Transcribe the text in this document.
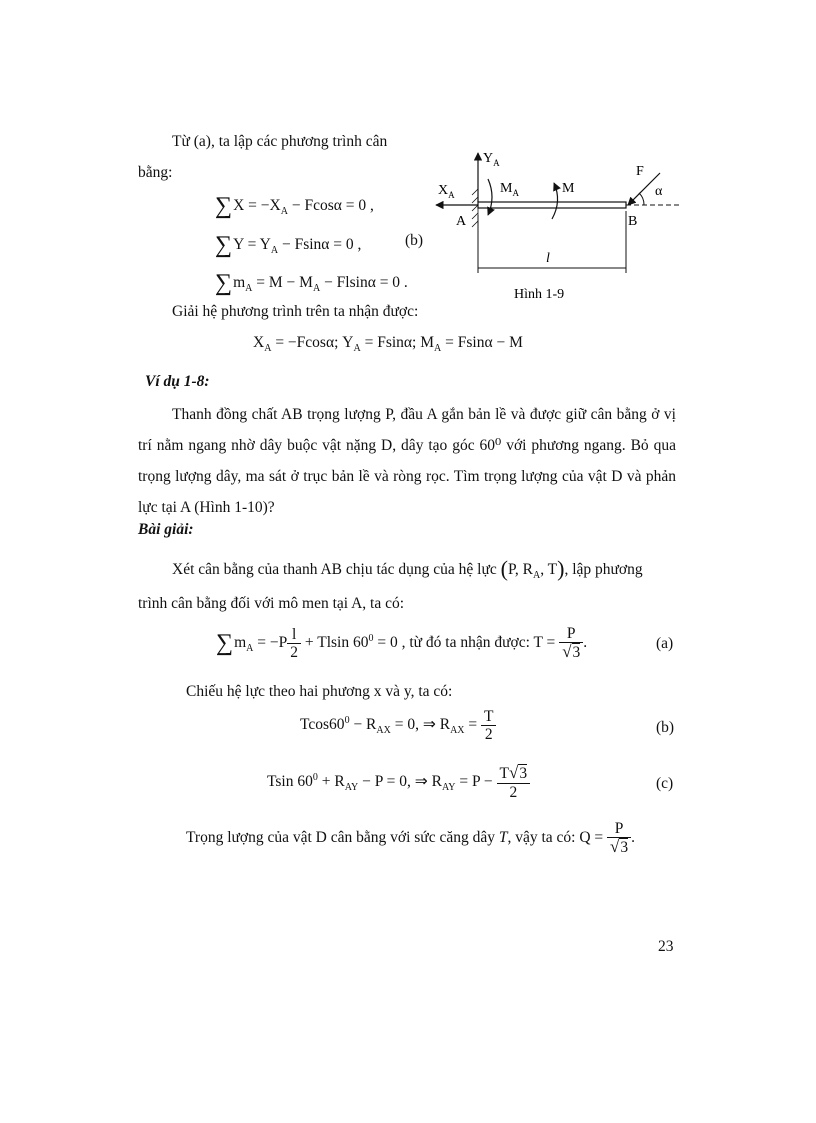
Từ (a), ta lập các phương trình cân
bằng:
$\sum X = -X_A - Fcos\alpha = 0$ ,
$\sum Y = Y_A - Fsin\alpha = 0$ ,	(b)
$\sum m_A = M - M_A - Flsin\alpha = 0$ .
$Y_A$
$X_A$	$M_A$	M
F
α
A	B
l
Hình 1-9
Giải hệ phương trình trên ta nhận được:
$X_A = -Fcos\alpha$; $Y_A = Fsin\alpha$; $M_A = Fsin\alpha - M$
Ví dụ 1-8:
Thanh đồng chất AB trọng lượng P, đầu A gắn bản lề và được giữ cân bằng ở vị trí nằm ngang nhờ dây buộc vật nặng D, dây tạo góc 60⁰ với phương ngang. Bỏ qua trọng lượng dây, ma sát ở trục bản lề và ròng rọc. Tìm trọng lượng của vật D và phản lực tại A (Hình 1-10)?
Bài giải:
Xét cân bằng của thanh AB chịu tác dụng của hệ lực (P, $R_A$, T), lập phương
trình cân bằng đối với mô men tại A, ta có:
$\sum m_A = -P \frac{l}{2} + Tlsin$ $60^0 = 0$ , từ đó ta nhận được: $T = \frac{P}{√3}$ .	(a)
Chiếu hệ lực theo hai phương x và y, ta có:
$Tcos60^0 - R_{AX} = 0$, ⇒ $R_{AX} = \frac{T}{2}$	(b)
Tsin $60^0 + R_{AY} - P = 0$, ⇒ $R_{AY} = P - \frac{T√3}{2}$	(c)
Trọng lượng của vật D cân bằng với sức căng dây T, vậy ta có: $Q = \frac{P}{√3}$ .
23
